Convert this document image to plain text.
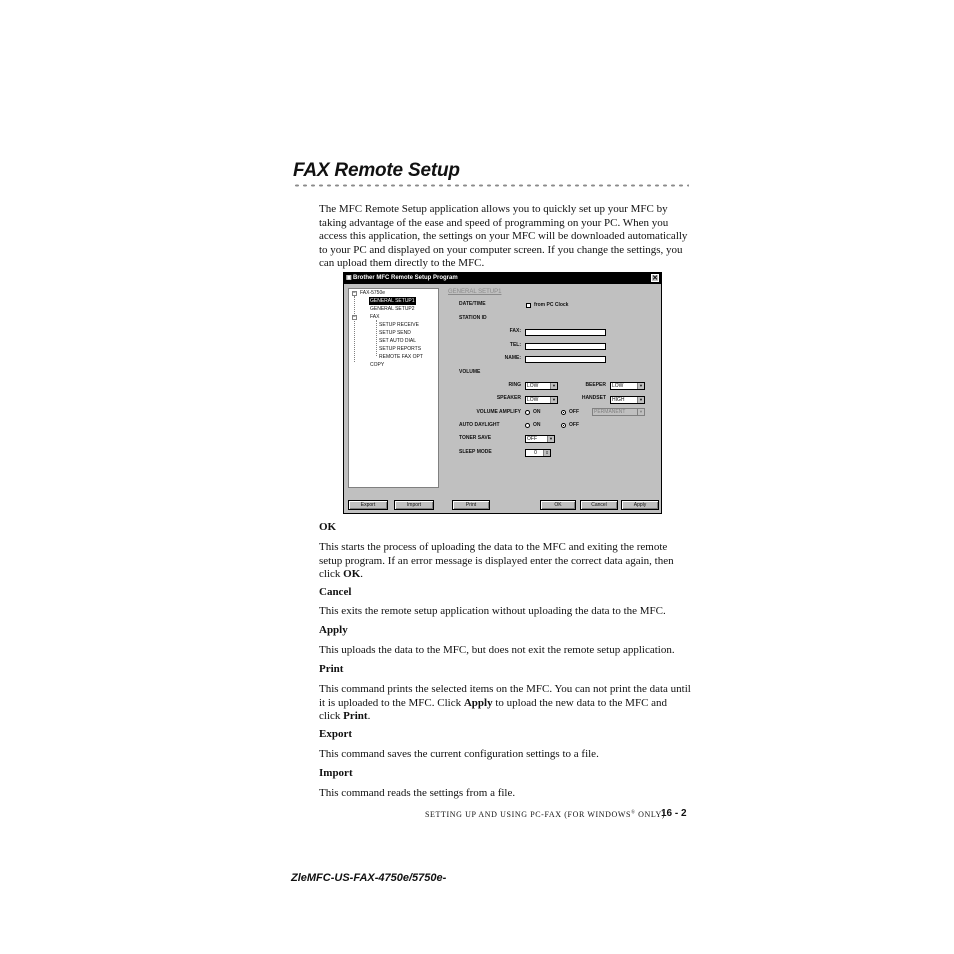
FAX Remote Setup
The MFC Remote Setup application allows you to quickly set up your MFC by taking advantage of the ease and speed of programming on your PC. When you access this application, the settings on your MFC will be downloaded automatically to your PC and displayed on your computer screen. If you change the settings, you can upload them directly to the MFC.
▣ Brother MFC Remote Setup Program	✕
− FAX-5750e
GENERAL SETUP1
GENERAL SETUP2
−	FAX
SETUP RECEIVE
SETUP SEND
SET AUTO DIAL
SETUP REPORTS
REMOTE FAX OPT
COPY
GENERAL SETUP1
DATE/TIME	from PC Clock
STATION ID
FAX:
TEL:
NAME:
VOLUME
RING	LOW	▼	BEEPER	LOW	▼
SPEAKER	LOW	▼	HANDSET	HIGH	▼
VOLUME AMPLIFY ON	OFF	PERMANENT	▼
AUTO DAYLIGHT	ON	OFF
TONER SAVE	OFF	▼
SLEEP MODE	0	⇕
Export	Import	Print	OK	Cancel	Apply
OK
This starts the process of uploading the data to the MFC and exiting the remote setup program. If an error message is displayed enter the correct data again, then click OK.
Cancel
This exits the remote setup application without uploading the data to the MFC.
Apply
This uploads the data to the MFC, but does not exit the remote setup application.
Print
This command prints the selected items on the MFC. You can not print the data until it is uploaded to the MFC. Click Apply to upload the new data to the MFC and click Print.
Export
This command saves the current configuration settings to a file.
Import
This command reads the settings from a file.
SETTING UP AND USING PC-FAX (FOR WINDOWS® ONLY)
16 - 2
ZleMFC-US-FAX-4750e/5750e-
